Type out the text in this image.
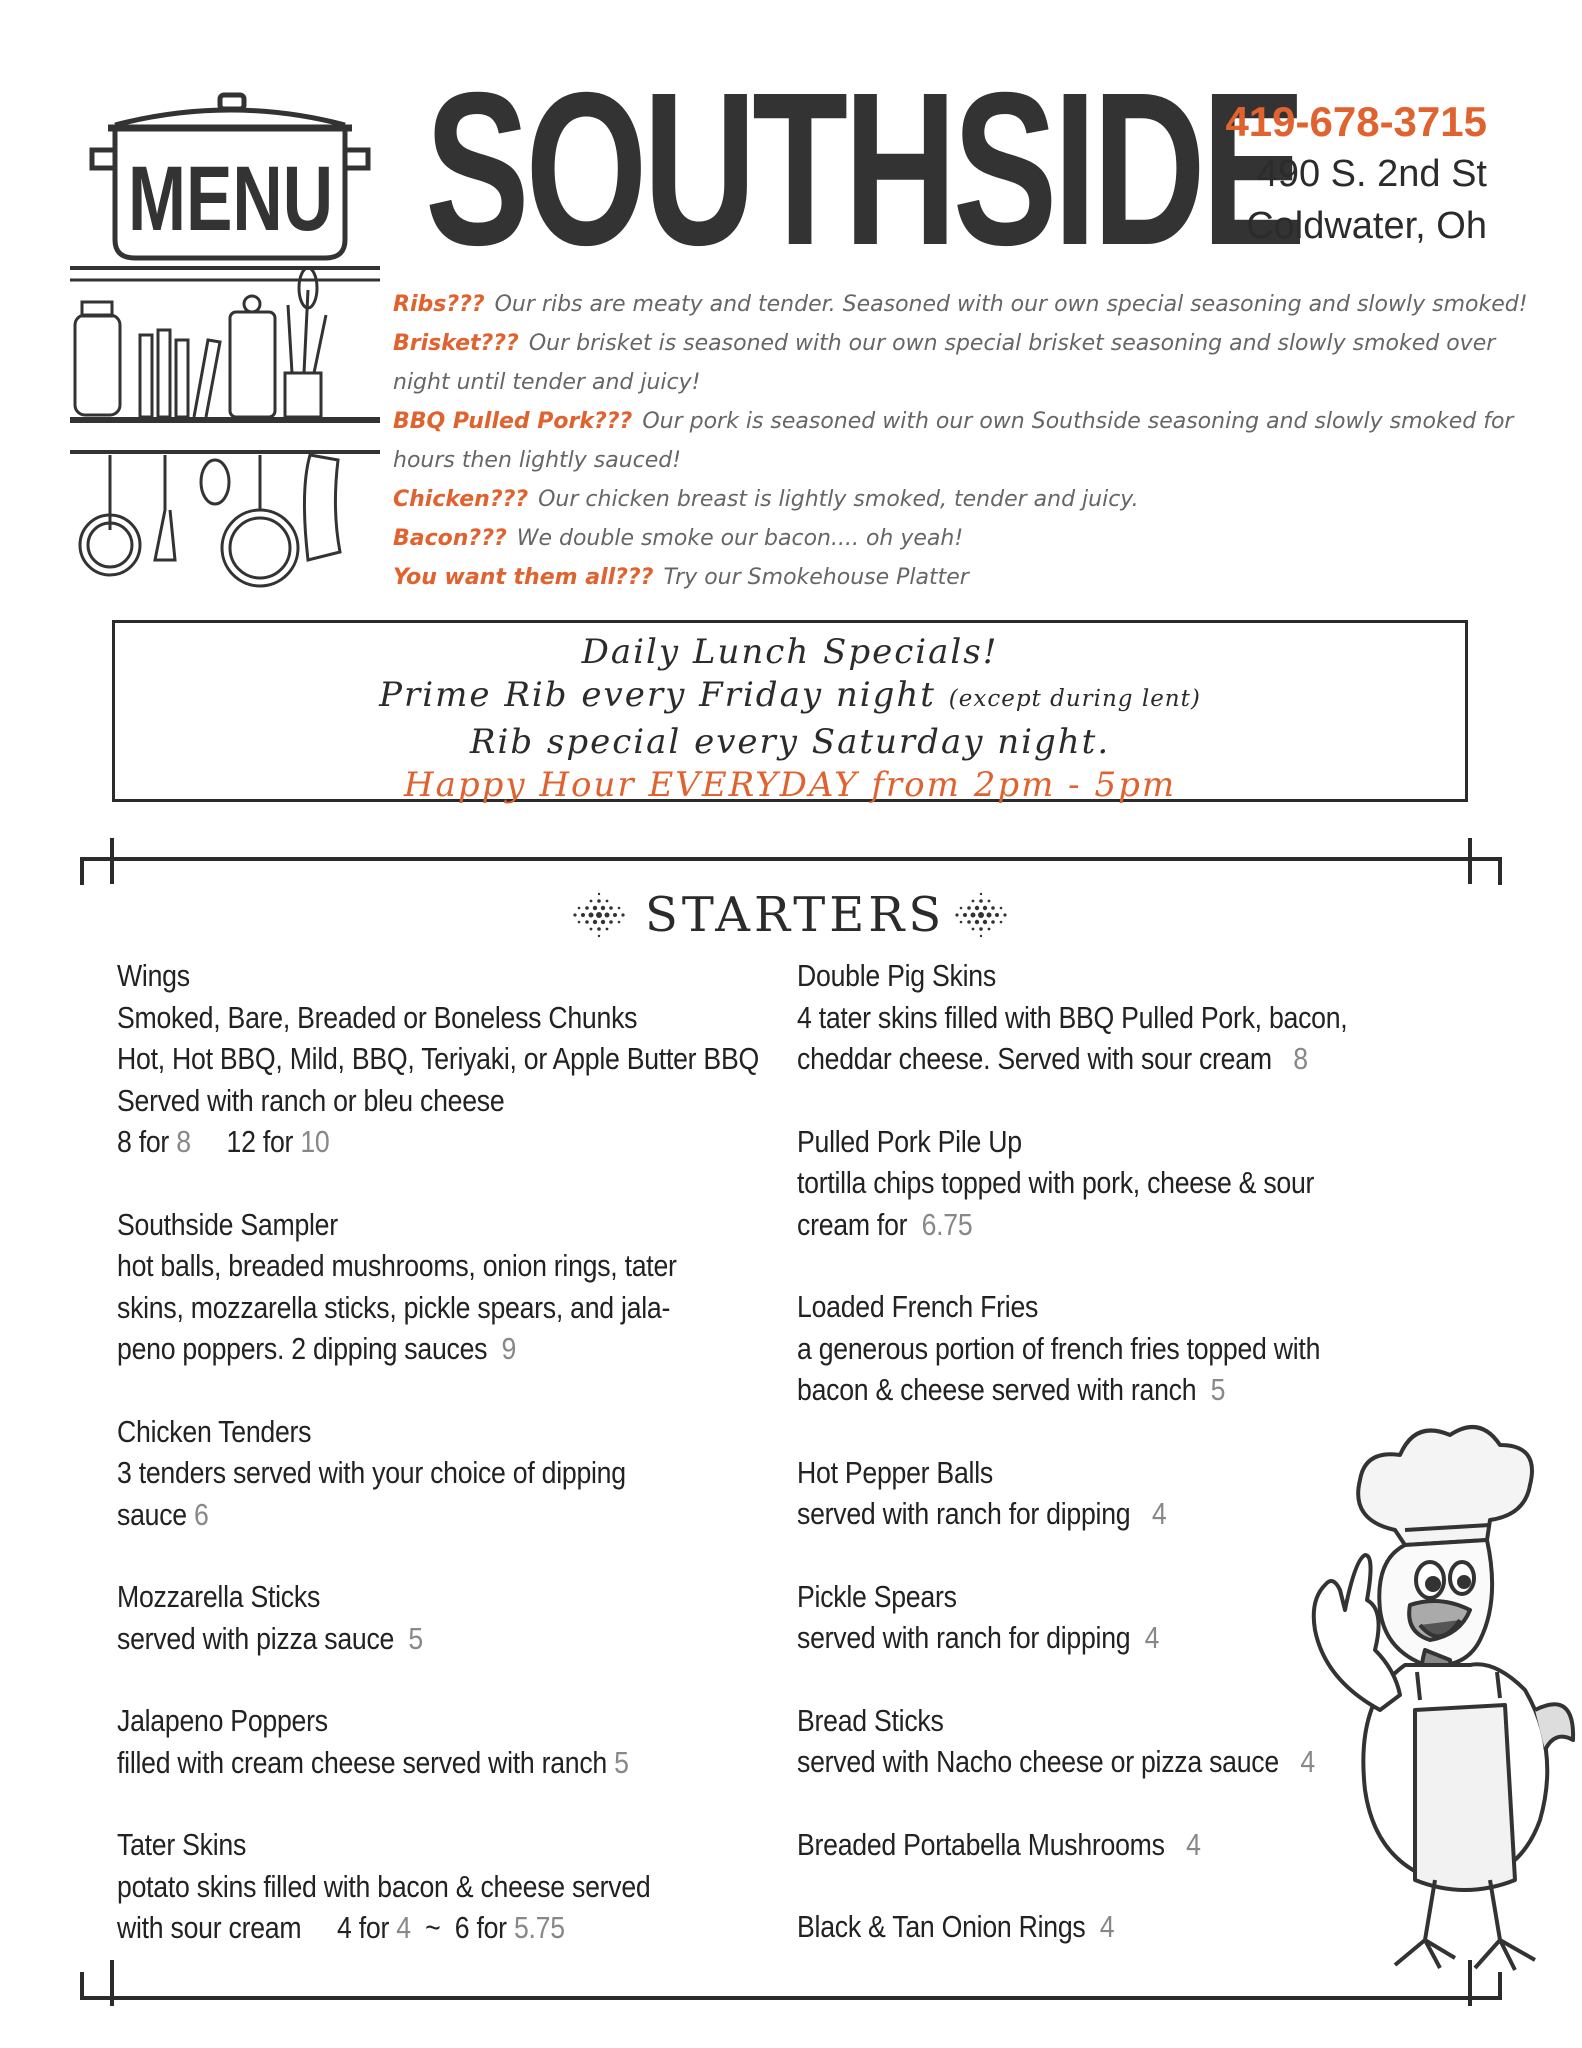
MENU SOUTHSIDE
419-678-3715
490 S. 2nd St
Coldwater, Oh
Ribs??? Our ribs are meaty and tender. Seasoned with our own special seasoning and slowly smoked!
Brisket??? Our brisket is seasoned with our own special brisket seasoning and slowly smoked over
night until tender and juicy!
BBQ Pulled Pork??? Our pork is seasoned with our own Southside seasoning and slowly smoked for
hours then lightly sauced!
Chicken??? Our chicken breast is lightly smoked, tender and juicy.
Bacon??? We double smoke our bacon.... oh yeah!
You want them all??? Try our Smokehouse Platter
Daily Lunch Specials!
Prime Rib every Friday night (except during lent)
Rib special every Saturday night.
Happy Hour EVERYDAY from 2pm - 5pm
STARTERS
Wings
Smoked, Bare, Breaded or Boneless Chunks
Hot, Hot BBQ, Mild, BBQ, Teriyaki, or Apple Butter BBQ
Served with ranch or bleu cheese
8 for 8     12 for 10
Southside Sampler
hot balls, breaded mushrooms, onion rings, tater
skins, mozzarella sticks, pickle spears, and jala-
peno poppers. 2 dipping sauces  9
Chicken Tenders
3 tenders served with your choice of dipping
sauce 6
Mozzarella Sticks
served with pizza sauce  5
Jalapeno Poppers
filled with cream cheese served with ranch 5
Tater Skins
potato skins filled with bacon & cheese served
with sour cream     4 for 4  ~  6 for 5.75
Double Pig Skins
4 tater skins filled with BBQ Pulled Pork, bacon,
cheddar cheese. Served with sour cream   8
Pulled Pork Pile Up
tortilla chips topped with pork, cheese & sour
cream for  6.75
Loaded French Fries
a generous portion of french fries topped with
bacon & cheese served with ranch  5
Hot Pepper Balls
served with ranch for dipping   4
Pickle Spears
served with ranch for dipping  4
Bread Sticks
served with Nacho cheese or pizza sauce   4
Breaded Portabella Mushrooms   4
Black & Tan Onion Rings  4
